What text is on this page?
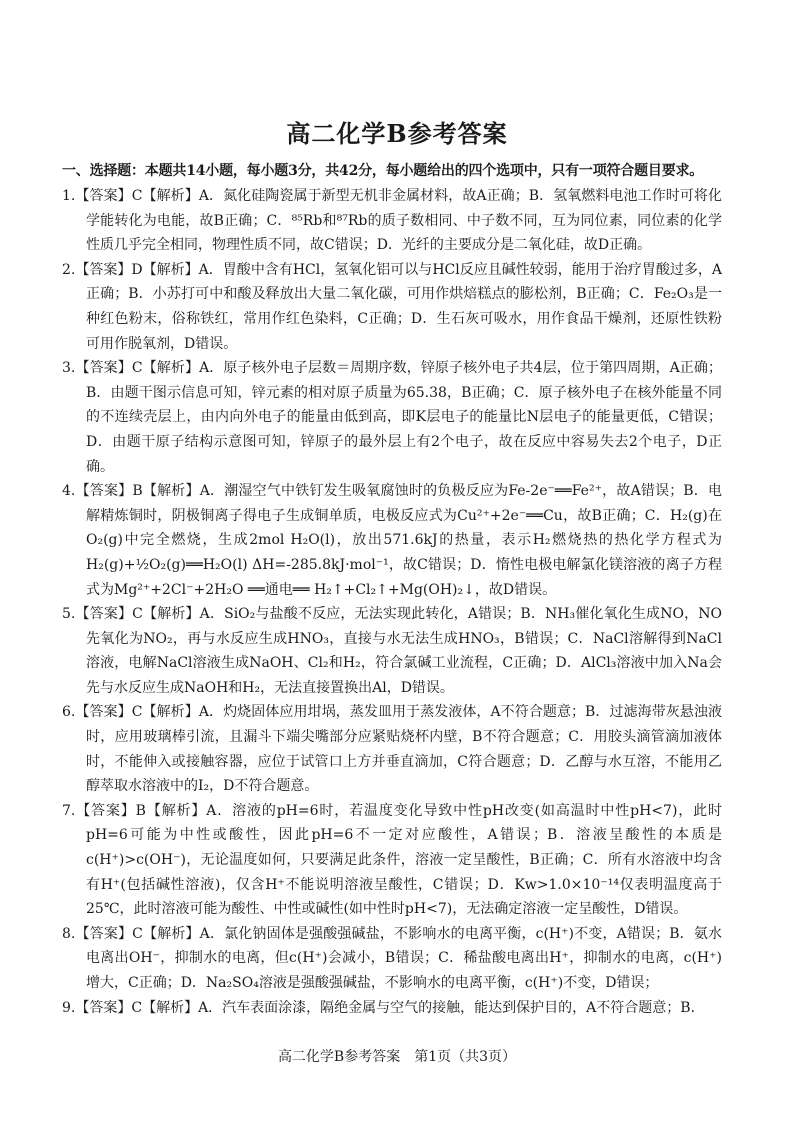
高二化学B参考答案
一、选择题：本题共14小题，每小题3分，共42分，每小题给出的四个选项中，只有一项符合题目要求。

1.【答案】C【解析】A．氮化硅陶瓷属于新型无机非金属材料，故A正确；B．氢氧燃料电池工作时可将化学能转化为电能，故B正确；C．⁸⁵Rb和⁸⁷Rb的质子数相同、中子数不同，互为同位素，同位素的化学性质几乎完全相同，物理性质不同，故C错误；D．光纤的主要成分是二氧化硅，故D正确。

2.【答案】D【解析】A．胃酸中含有HCl，氢氧化铝可以与HCl反应且碱性较弱，能用于治疗胃酸过多，A正确；B．小苏打可中和酸及释放出大量二氧化碳，可用作烘焙糕点的膨松剂，B正确；C．Fe₂O₃是一种红色粉末，俗称铁红，常用作红色染料，C正确；D．生石灰可吸水，用作食品干燥剂，还原性铁粉可用作脱氧剂，D错误。

3.【答案】C【解析】A．原子核外电子层数＝周期序数，锌原子核外电子共4层，位于第四周期，A正确；B．由题干图示信息可知，锌元素的相对原子质量为65.38，B正确；C．原子核外电子在核外能量不同的不连续壳层上，由内向外电子的能量由低到高，即K层电子的能量比N层电子的能量更低，C错误；D．由题干原子结构示意图可知，锌原子的最外层上有2个电子，故在反应中容易失去2个电子，D正确。

4.【答案】B【解析】A．潮湿空气中铁钉发生吸氧腐蚀时的负极反应为Fe-2e⁻══Fe²⁺，故A错误；B．电解精炼铜时，阴极铜离子得电子生成铜单质，电极反应式为Cu²⁺+2e⁻══Cu，故B正确；C．H₂(g)在O₂(g)中完全燃烧，生成2mol H₂O(l)，放出571.6kJ的热量，表示H₂燃烧热的热化学方程式为H₂(g)+½O₂(g)══H₂O(l) ΔH=-285.8kJ·mol⁻¹，故C错误；D．惰性电极电解氯化镁溶液的离子方程式为Mg²⁺+2Cl⁻+2H₂O ══通电══ H₂↑+Cl₂↑+Mg(OH)₂↓，故D错误。

5.【答案】C【解析】A．SiO₂与盐酸不反应，无法实现此转化，A错误；B．NH₃催化氧化生成NO，NO先氧化为NO₂，再与水反应生成HNO₃，直接与水无法生成HNO₃，B错误；C．NaCl溶解得到NaCl溶液，电解NaCl溶液生成NaOH、Cl₂和H₂，符合氯碱工业流程，C正确；D．AlCl₃溶液中加入Na会先与水反应生成NaOH和H₂，无法直接置换出Al，D错误。

6.【答案】C【解析】A．灼烧固体应用坩埚，蒸发皿用于蒸发液体，A不符合题意；B．过滤海带灰悬浊液时，应用玻璃棒引流，且漏斗下端尖嘴部分应紧贴烧杯内壁，B不符合题意；C．用胶头滴管滴加液体时，不能伸入或接触容器，应位于试管口上方并垂直滴加，C符合题意；D．乙醇与水互溶，不能用乙醇萃取水溶液中的I₂，D不符合题意。

7.【答案】B【解析】A．溶液的pH=6时，若温度变化导致中性pH改变(如高温时中性pH<7)，此时pH=6可能为中性或酸性，因此pH=6不一定对应酸性，A错误；B．溶液呈酸性的本质是c(H⁺)>c(OH⁻)，无论温度如何，只要满足此条件，溶液一定呈酸性，B正确；C．所有水溶液中均含有H⁺(包括碱性溶液)，仅含H⁺不能说明溶液呈酸性，C错误；D．Kw>1.0×10⁻¹⁴仅表明温度高于25℃，此时溶液可能为酸性、中性或碱性(如中性时pH<7)，无法确定溶液一定呈酸性，D错误。

8.【答案】C【解析】A．氯化钠固体是强酸强碱盐，不影响水的电离平衡，c(H⁺)不变，A错误；B．氨水电离出OH⁻，抑制水的电离，但c(H⁺)会减小，B错误；C．稀盐酸电离出H⁺，抑制水的电离，c(H⁺)增大，C正确；D．Na₂SO₄溶液是强酸强碱盐，不影响水的电离平衡，c(H⁺)不变，D错误；

9.【答案】C【解析】A．汽车表面涂漆，隔绝金属与空气的接触，能达到保护目的，A不符合题意；B．

高二化学B参考答案　第1页（共3页）
